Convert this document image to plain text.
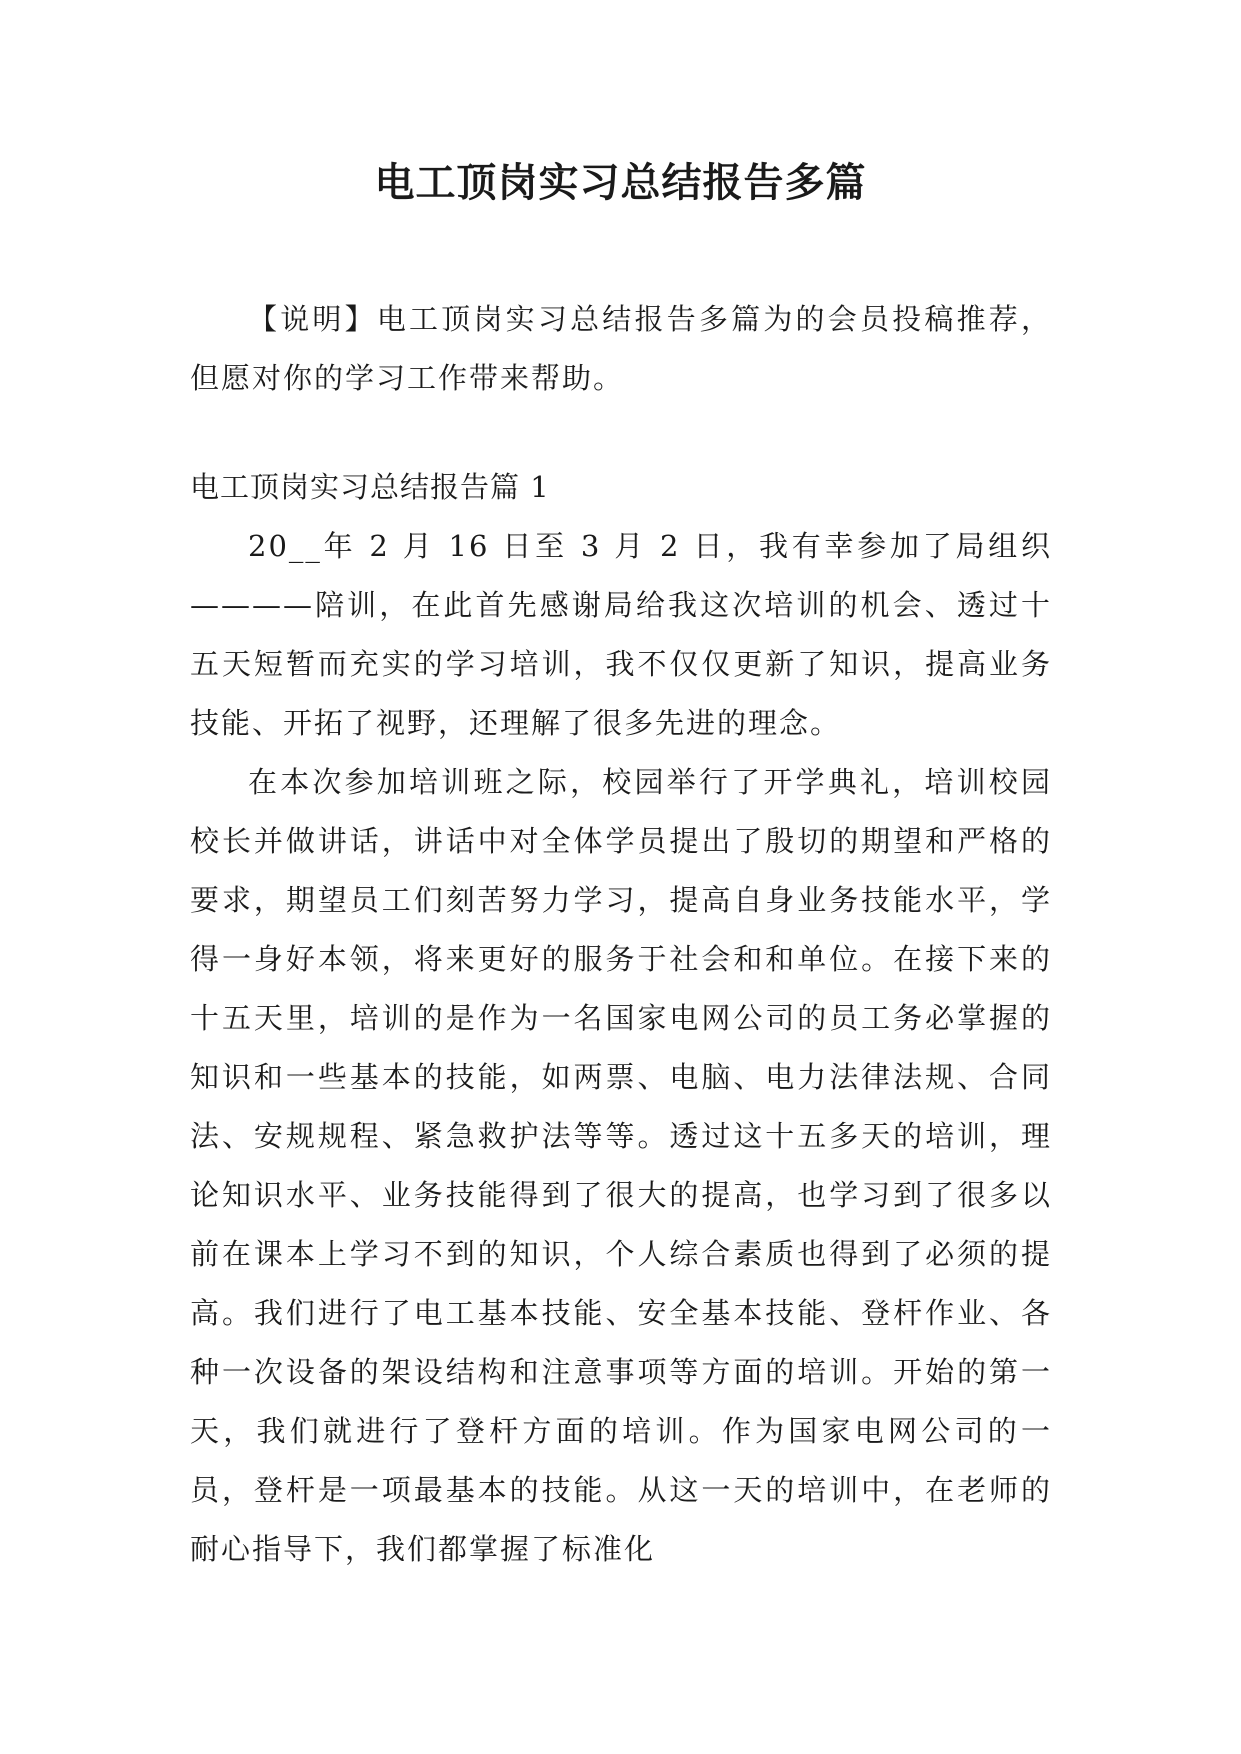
电工顶岗实习总结报告多篇

【说明】电工顶岗实习总结报告多篇为的会员投稿推荐，但愿对你的学习工作带来帮助。

电工顶岗实习总结报告篇 1

20__年 2 月 16 日至 3 月 2 日，我有幸参加了局组织————陪训，在此首先感谢局给我这次培训的机会、透过十五天短暂而充实的学习培训，我不仅仅更新了知识，提高业务技能、开拓了视野，还理解了很多先进的理念。

在本次参加培训班之际，校园举行了开学典礼，培训校园校长并做讲话，讲话中对全体学员提出了殷切的期望和严格的要求，期望员工们刻苦努力学习，提高自身业务技能水平，学得一身好本领，将来更好的服务于社会和和单位。在接下来的十五天里，培训的是作为一名国家电网公司的员工务必掌握的知识和一些基本的技能，如两票、电脑、电力法律法规、合同法、安规规程、紧急救护法等等。透过这十五多天的培训，理论知识水平、业务技能得到了很大的提高，也学习到了很多以前在课本上学习不到的知识，个人综合素质也得到了必须的提高。我们进行了电工基本技能、安全基本技能、登杆作业、各种一次设备的架设结构和注意事项等方面的培训。开始的第一天，我们就进行了登杆方面的培训。作为国家电网公司的一员，登杆是一项最基本的技能。从这一天的培训中，在老师的耐心指导下，我们都掌握了标准化
